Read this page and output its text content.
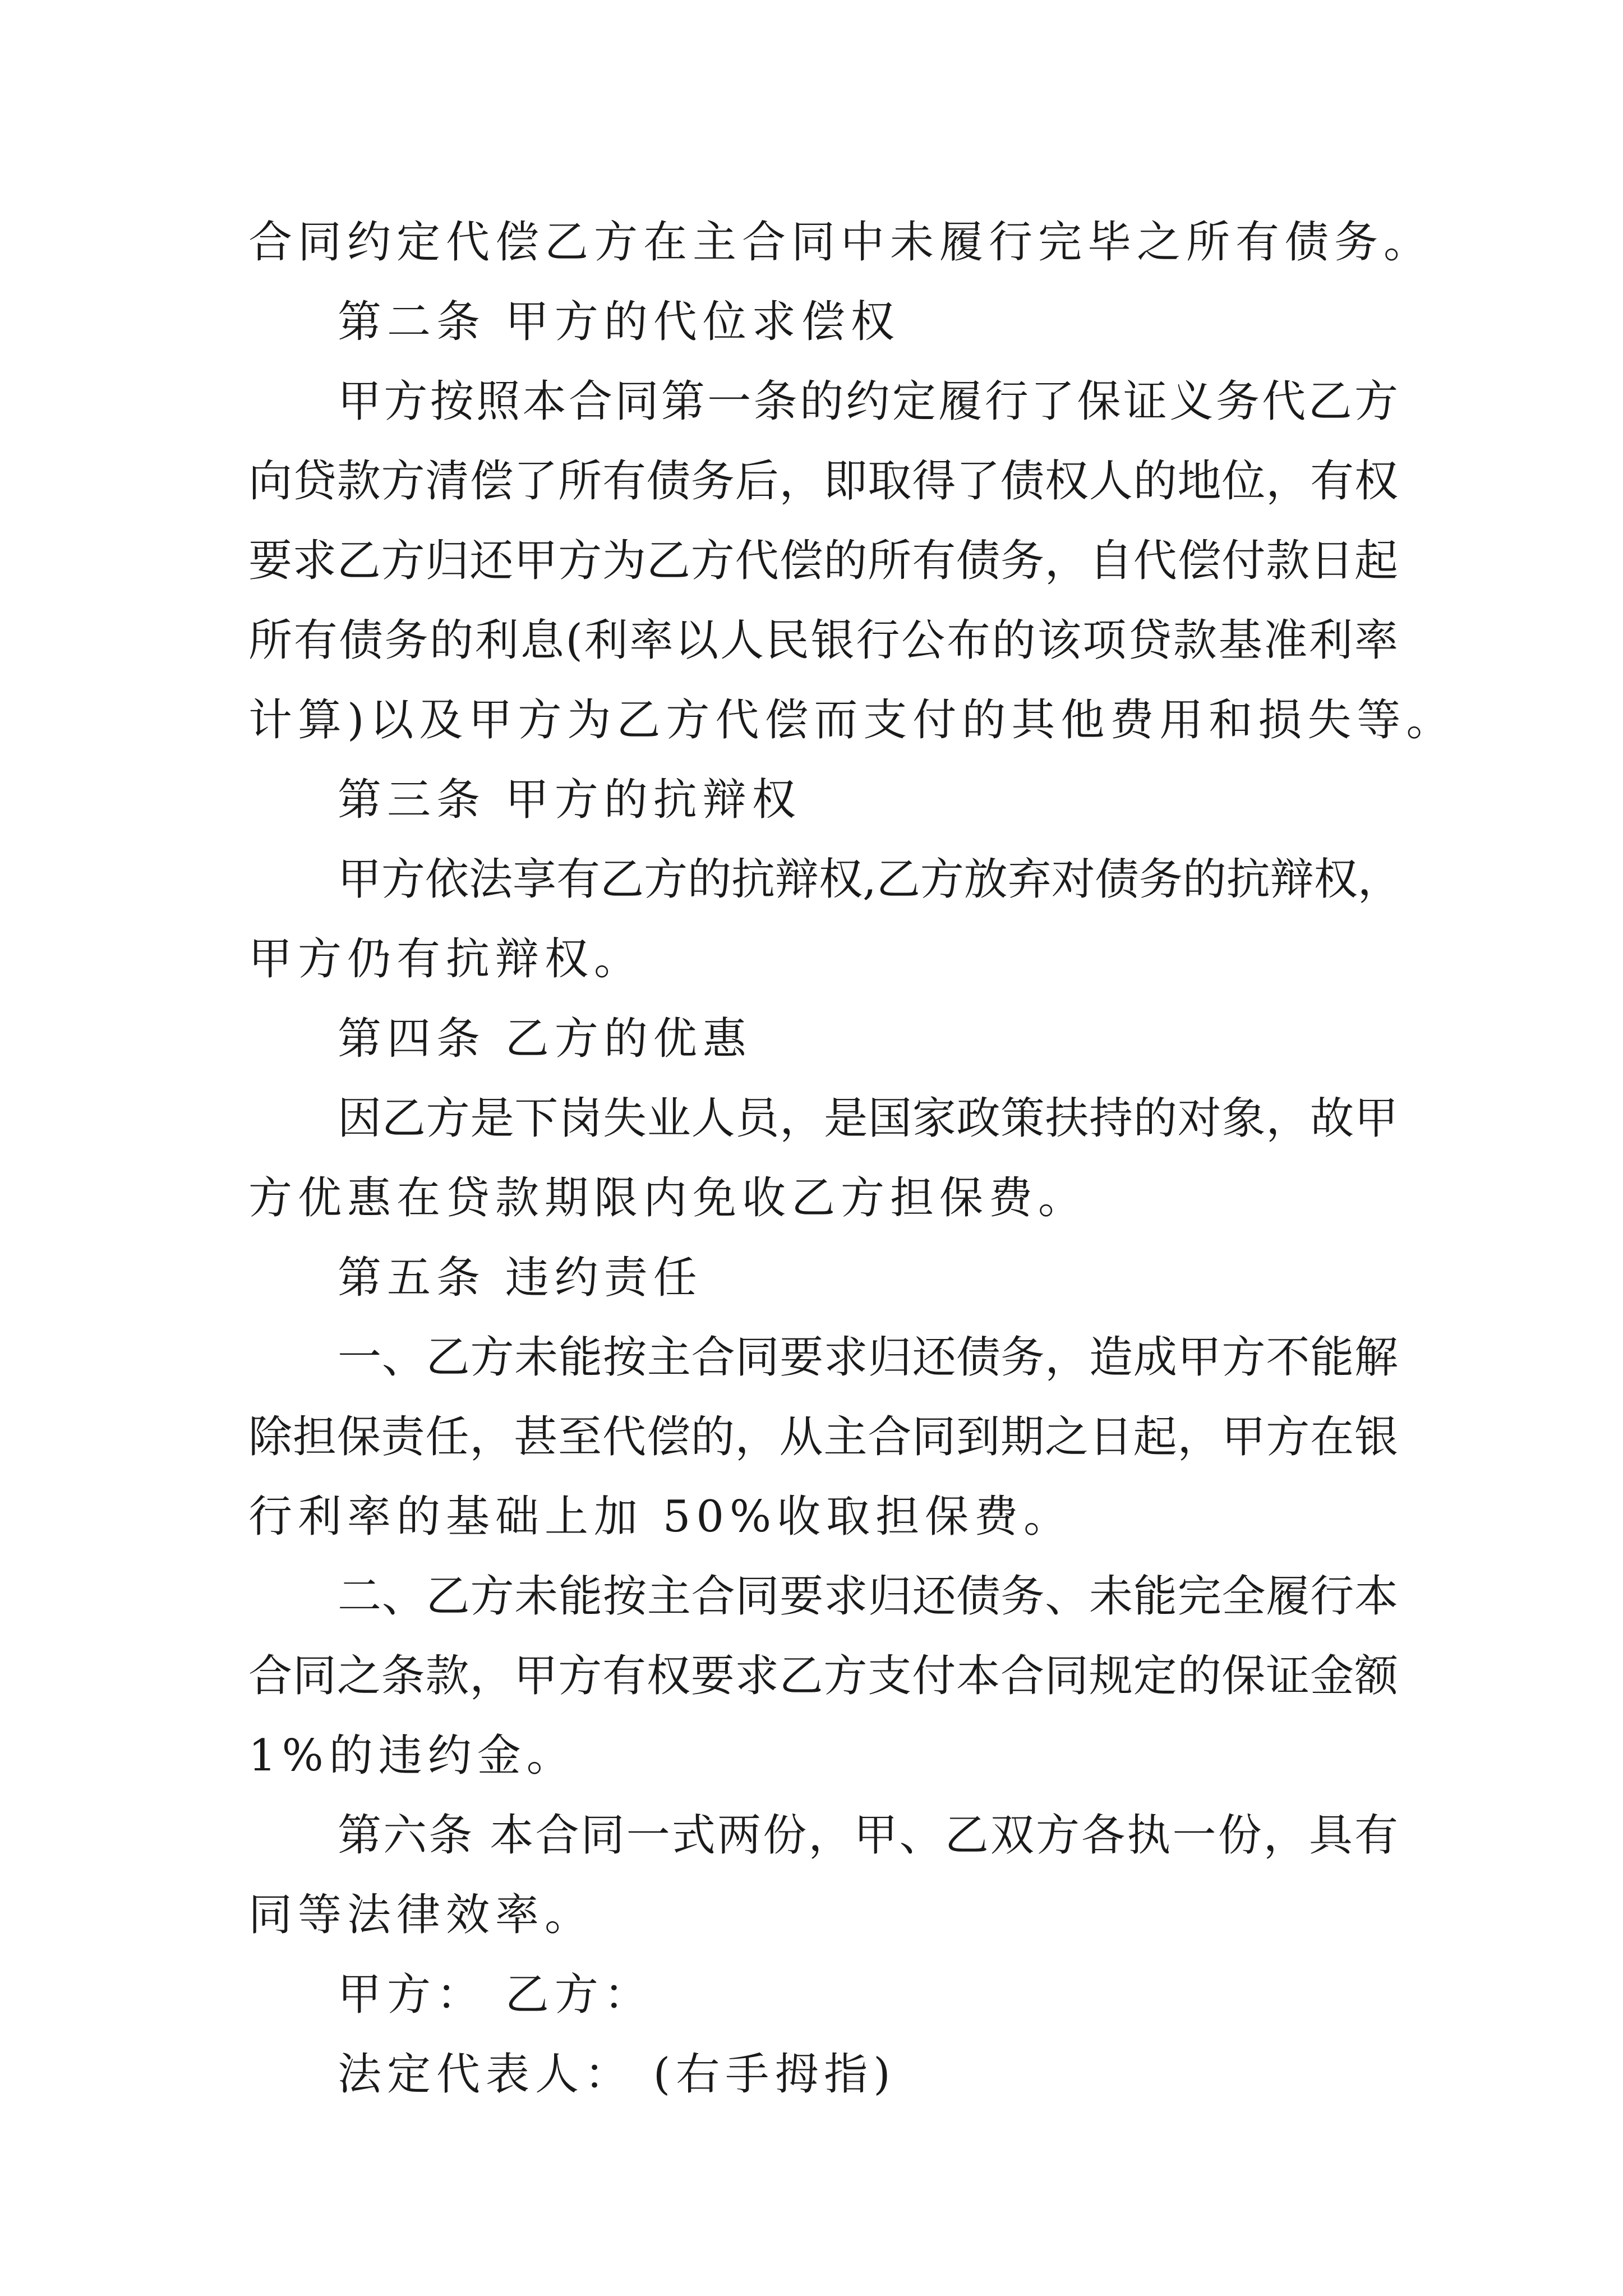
合同约定代偿乙方在主合同中未履行完毕之所有债务。
第二条 甲方的代位求偿权
甲方按照本合同第一条的约定履行了保证义务代乙方
向贷款方清偿了所有债务后，即取得了债权人的地位，有权
要求乙方归还甲方为乙方代偿的所有债务，自代偿付款日起
所有债务的利息(利率以人民银行公布的该项贷款基准利率
计算)以及甲方为乙方代偿而支付的其他费用和损失等。
第三条 甲方的抗辩权
甲方依法享有乙方的抗辩权,乙方放弃对债务的抗辩权，
甲方仍有抗辩权。
第四条 乙方的优惠
因乙方是下岗失业人员，是国家政策扶持的对象，故甲
方优惠在贷款期限内免收乙方担保费。
第五条 违约责任
一、乙方未能按主合同要求归还债务，造成甲方不能解
除担保责任，甚至代偿的，从主合同到期之日起，甲方在银
行利率的基础上加 50%收取担保费。
二、乙方未能按主合同要求归还债务、未能完全履行本
合同之条款，甲方有权要求乙方支付本合同规定的保证金额
1%的违约金。
第六条 本合同一式两份，甲、乙双方各执一份，具有
同等法律效率。
甲方： 乙方：
法定代表人： (右手拇指)
